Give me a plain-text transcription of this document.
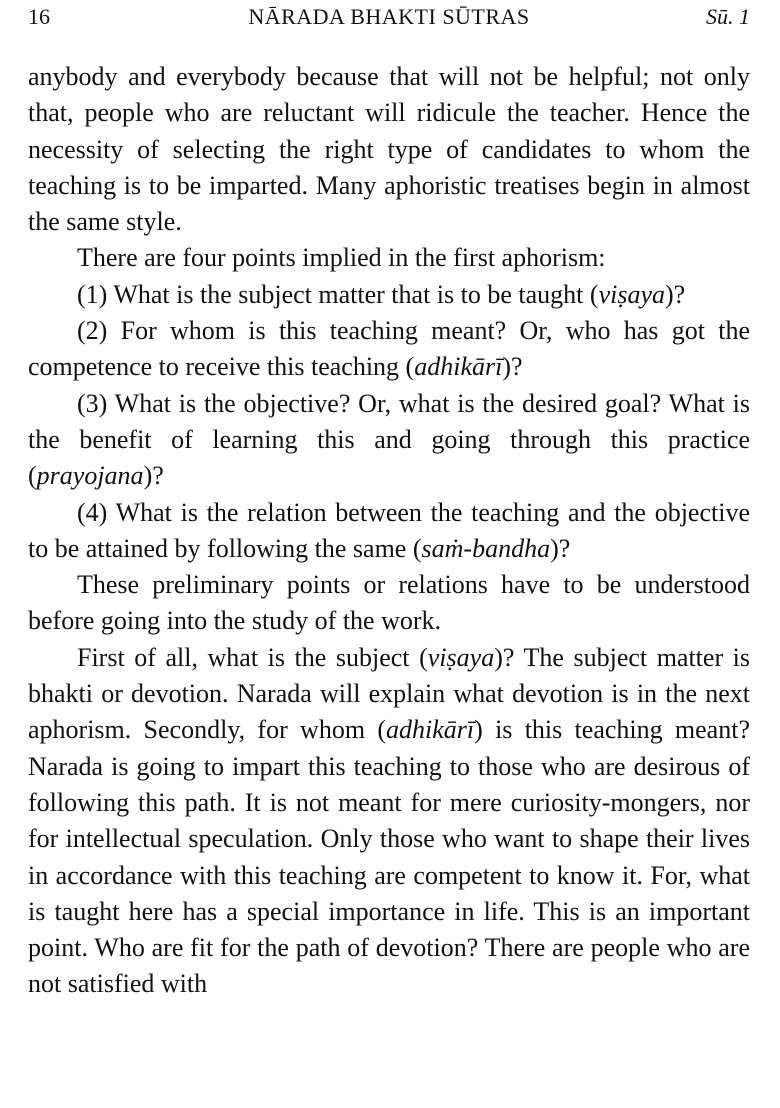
16	NĀRADA BHAKTI SŪTRAS	Sū. 1

anybody and everybody because that will not be helpful; not only that, people who are reluctant will ridicule the teacher. Hence the necessity of selecting the right type of candidates to whom the teaching is to be imparted. Many aphoristic treatises begin in almost the same style.

There are four points implied in the first aphorism:

(1) What is the subject matter that is to be taught (viṣaya)?

(2) For whom is this teaching meant? Or, who has got the competence to receive this teaching (adhikārī)?

(3) What is the objective? Or, what is the desired goal? What is the benefit of learning this and going through this practice (prayojana)?

(4) What is the relation between the teaching and the objective to be attained by following the same (saṁ-bandha)?

These preliminary points or relations have to be understood before going into the study of the work.

First of all, what is the subject (viṣaya)? The subject matter is bhakti or devotion. Narada will explain what devotion is in the next aphorism. Secondly, for whom (adhikārī) is this teaching meant? Narada is going to impart this teaching to those who are desirous of following this path. It is not meant for mere curiosity-mongers, nor for intellectual speculation. Only those who want to shape their lives in accordance with this teaching are competent to know it. For, what is taught here has a special importance in life. This is an important point. Who are fit for the path of devotion? There are people who are not satisfied with
